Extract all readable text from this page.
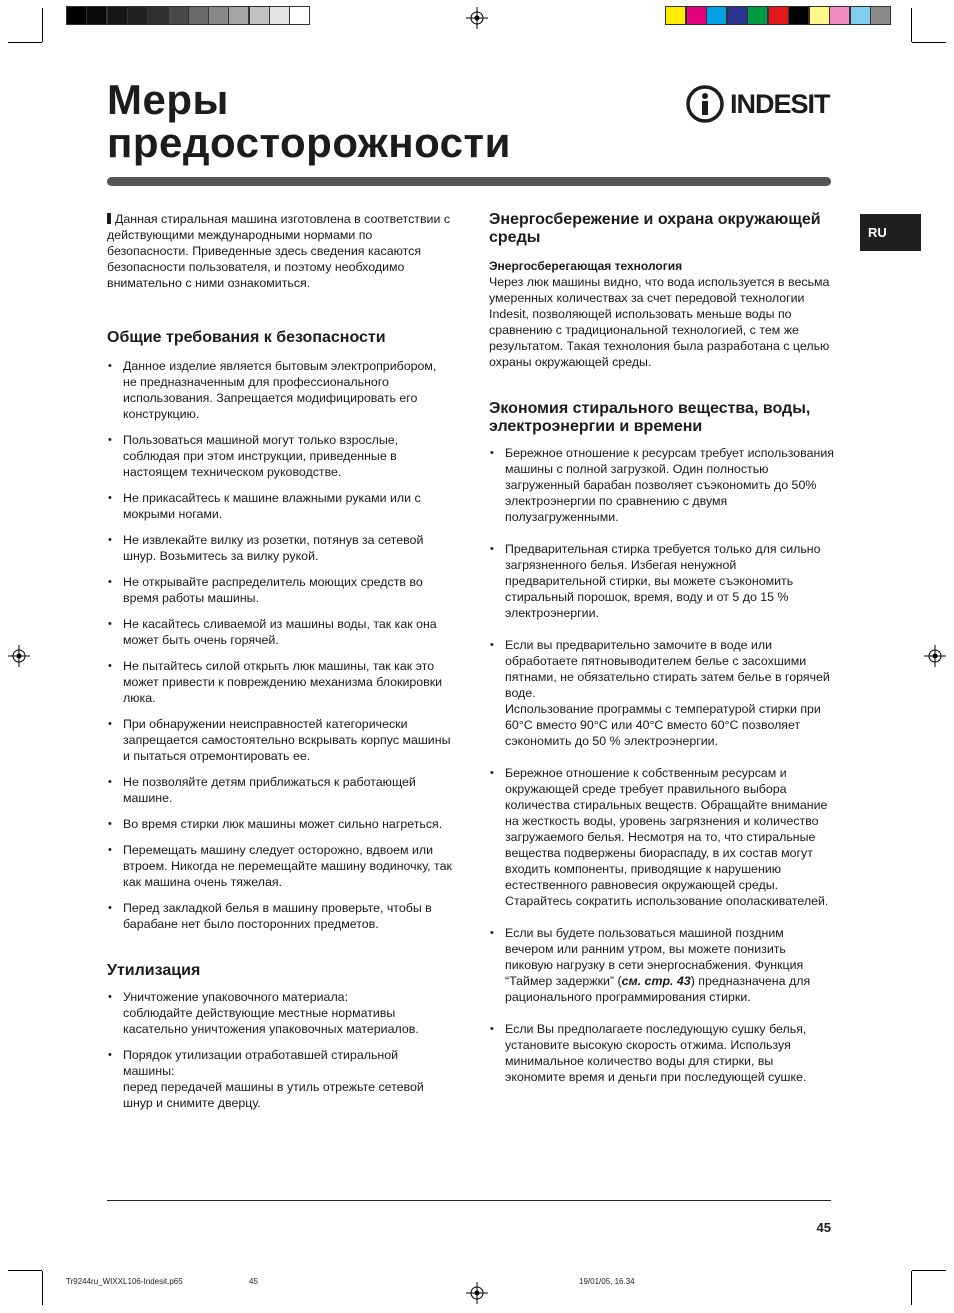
Меры
предосторожности
INDESIT
RU

Данная стиральная машина изготовлена в соответствии с действующими международными нормами по безопасности. Приведенные здесь сведения касаются безопасности пользователя, и поэтому необходимо внимательно с ними ознакомиться.

Общие требования к безопасности
• Данное изделие является бытовым электроприбором, не предназначенным для профессионального использования. Запрещается модифицировать его конструкцию.
• Пользоваться машиной могут только взрослые, соблюдая при этом инструкции, приведенные в настоящем техническом руководстве.
• Не прикасайтесь к машине влажными руками или с мокрыми ногами.
• Не извлекайте вилку из розетки, потянув за сетевой шнур. Возьмитесь за вилку рукой.
• Не открывайте распределитель моющих средств во время работы машины.
• Не касайтесь сливаемой из машины воды, так как она может быть очень горячей.
• Не пытайтесь силой открыть люк машины, так как это может привести к повреждению механизма блокировки люка.
• При обнаружении неисправностей категорически запрещается самостоятельно вскрывать корпус машины и пытаться отремонтировать ее.
• Не позволяйте детям приближаться к работающей машине.
• Во время стирки люк машины может сильно нагреться.
• Перемещать машину следует осторожно, вдвоем или втроем. Никогда не перемещайте машину водиночку, так как машина очень тяжелая.
• Перед закладкой белья в машину проверьте, чтобы в барабане нет было посторонних предметов.
Утилизация
• Уничтожение упаковочного материала:
соблюдайте действующие местные нормативы касательно уничтожения упаковочных материалов.
• Порядок утилизации отработавшей стиральной машины:
перед передачей машины в утиль отрежьте сетевой шнур и снимите дверцу.
Энергосбережение и охрана окружающей среды
Энергосберегающая технология

Через люк машины видно, что вода используется в весьма умеренных количествах за счет передовой технологии Indesit, позволяющей использовать меньше воды по сравнению с традициональной технологией, с тем же результатом. Такая технолония была разработана с целью охраны окружающей среды.

Экономия стирального вещества, воды, электроэнергии и времени
• Бережное отношение к ресурсам требует использования машины с полной загрузкой. Один полностью загруженный барабан позволяет съэкономить до 50% электроэнергии по сравнению с двумя полузагруженными.
• Предварительная стирка требуется только для сильно загрязненного белья. Избегая ненужной предварительной стирки, вы можете съэкономить стиральный порошок, время, воду и от 5 до 15 % электроэнергии.
• Если вы предварительно замочите в воде или обработаете пятновыводителем белье с засохшими пятнами, не обязательно стирать затем белье в горячей воде.
Использование программы с температурой стирки при 60°С вместо 90°С или 40°С вместо 60°С позволяет сэкономить до 50 % электроэнергии.
• Бережное отношение к собственным ресурсам и окружающей среде требует правильного выбора количества стиральных веществ. Обращайте внимание на жесткость воды, уровень загрязнения и количество загружаемого белья. Несмотря на то, что стиральные вещества подвержены биораспаду, в их состав могут входить компоненты, приводящие к нарушению естественного равновесия окружающей среды. Старайтесь сократить использование ополаскивателей.
• Если вы будете пользоваться машиной поздним вечером или ранним утром, вы можете понизить пиковую нагрузку в сети энергоснабжения. Функция “Таймер задержки” (см. стр. 43) предназначена для рационального программирования стирки.
• Если Вы предполагаете последующую сушку белья, установите высокую скорость отжима. Используя минимальное количество воды для стирки, вы экономите время и деньги при последующей сушке.
45
Tr9244ru_WIXXL106-Indesit.p65	45	19/01/05, 16.34
